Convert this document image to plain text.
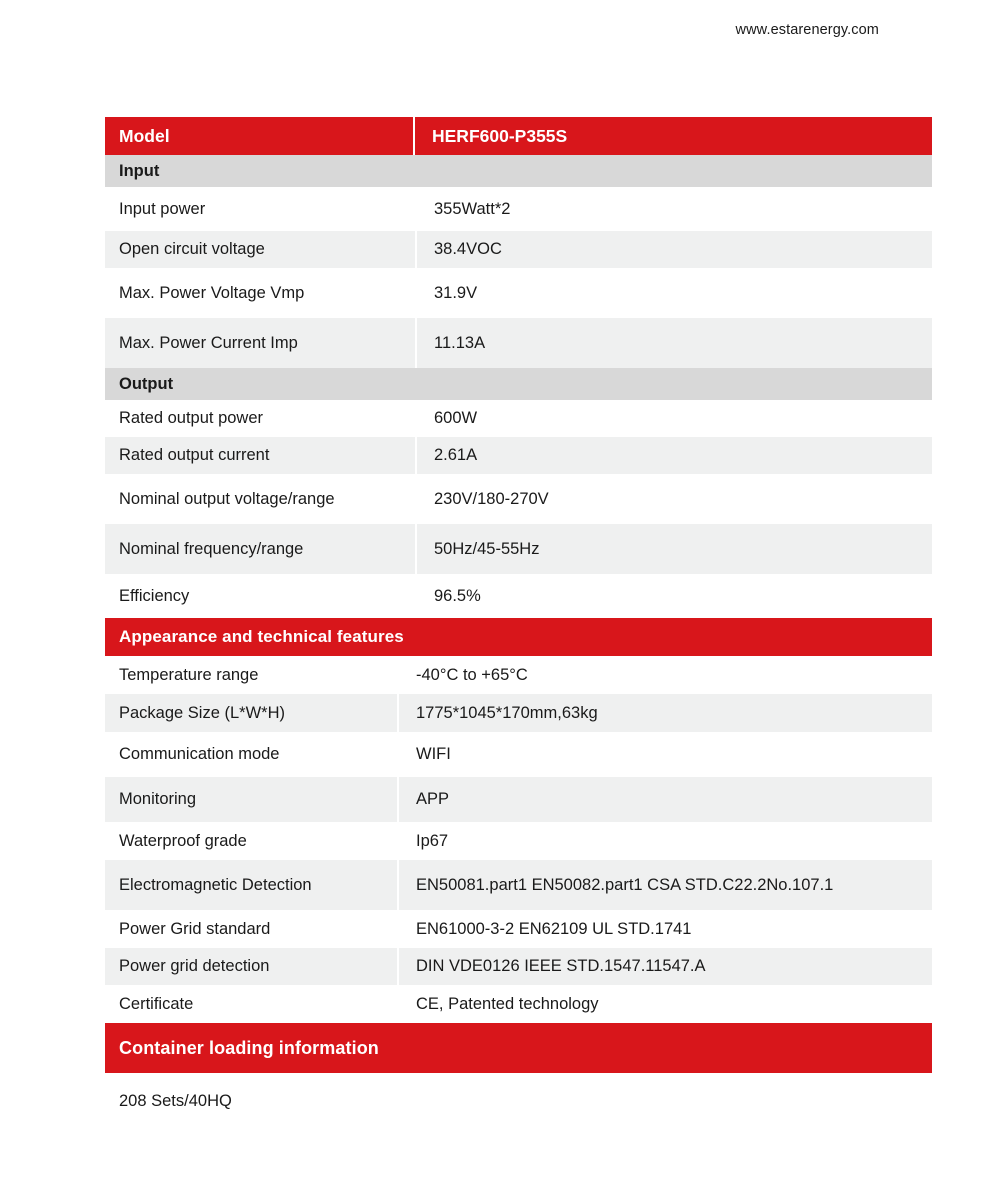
www.estarenergy.com
Model	HERF600-P355S
Input
Input power	355Watt*2
Open circuit voltage	38.4VOC
Max. Power Voltage Vmp	31.9V
Max. Power Current Imp	11.13A
Output
Rated output power	600W
Rated output current	2.61A
Nominal output voltage/range	230V/180-270V
Nominal frequency/range	50Hz/45-55Hz
Efficiency	96.5%
Appearance and technical features
Temperature range	-40°C to +65°C
Package Size (L*W*H)	1775*1045*170mm,63kg
Communication mode	WIFI
Monitoring	APP
Waterproof grade	Ip67
Electromagnetic Detection	EN50081.part1 EN50082.part1 CSA STD.C22.2No.107.1
Power Grid standard	EN61000-3-2 EN62109 UL STD.1741
Power grid detection	DIN VDE0126 IEEE STD.1547.11547.A
Certificate	CE, Patented technology
Container loading information
208 Sets/40HQ
